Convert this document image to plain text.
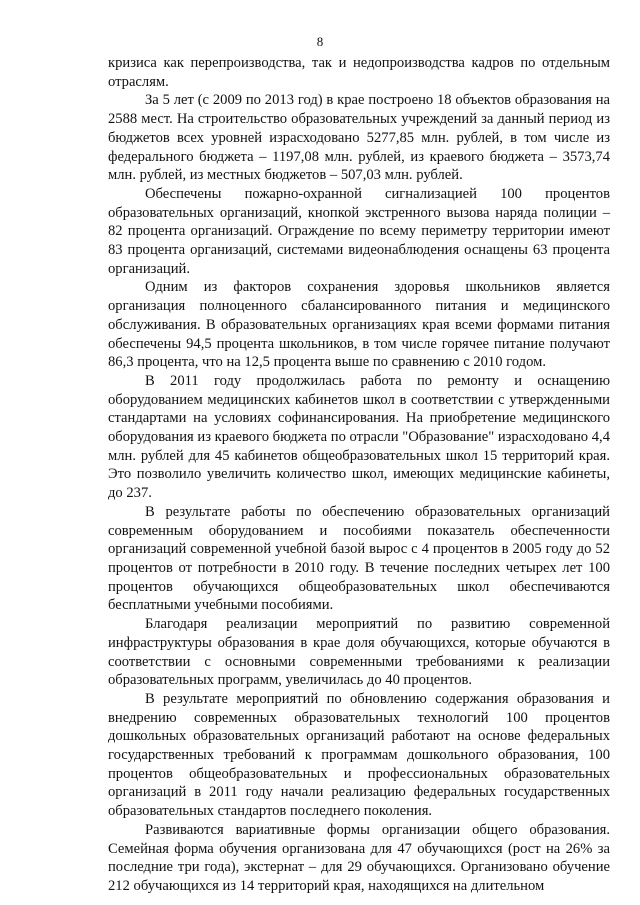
8

кризиса как перепроизводства, так и недопроизводства кадров по отдельным отраслям.

За 5 лет (с 2009 по 2013 год) в крае построено 18 объектов образования на 2588 мест. На строительство образовательных учреждений за данный период из бюджетов всех уровней израсходовано 5277,85 млн. рублей, в том числе из федерального бюджета – 1197,08 млн. рублей, из краевого бюджета – 3573,74 млн. рублей, из местных бюджетов – 507,03 млн. рублей.

Обеспечены пожарно-охранной сигнализацией 100 процентов образовательных организаций, кнопкой экстренного вызова наряда полиции – 82 процента организаций. Ограждение по всему периметру территории имеют 83 процента организаций, системами видеонаблюдения оснащены 63 процента организаций.

Одним из факторов сохранения здоровья школьников является организация полноценного сбалансированного питания и медицинского обслуживания. В образовательных организациях края всеми формами питания обеспечены 94,5 процента школьников, в том числе горячее питание получают 86,3 процента, что на 12,5 процента выше по сравнению с 2010 годом.

В 2011 году продолжилась работа по ремонту и оснащению оборудованием медицинских кабинетов школ в соответствии с утвержденными стандартами на условиях софинансирования. На приобретение медицинского оборудования из краевого бюджета по отрасли "Образование" израсходовано 4,4 млн. рублей для 45 кабинетов общеобразовательных школ 15 территорий края. Это позволило увеличить количество школ, имеющих медицинские кабинеты, до 237.

В результате работы по обеспечению образовательных организаций современным оборудованием и пособиями показатель обеспеченности организаций современной учебной базой вырос с 4 процентов в 2005 году до 52 процентов от потребности в 2010 году. В течение последних четырех лет 100 процентов обучающихся общеобразовательных школ обеспечиваются бесплатными учебными пособиями.

Благодаря реализации мероприятий по развитию современной инфраструктуры образования в крае доля обучающихся, которые обучаются в соответствии с основными современными требованиями к реализации образовательных программ, увеличилась до 40 процентов.

В результате мероприятий по обновлению содержания образования и внедрению современных образовательных технологий 100 процентов дошкольных образовательных организаций работают на основе федеральных государственных требований к программам дошкольного образования, 100 процентов общеобразовательных и профессиональных образовательных организаций в 2011 году начали реализацию федеральных государственных образовательных стандартов последнего поколения.

Развиваются вариативные формы организации общего образования. Семейная форма обучения организована для 47 обучающихся (рост на 26% за последние три года), экстернат – для 29 обучающихся. Организовано обучение 212 обучающихся из 14 территорий края, находящихся на длительном
